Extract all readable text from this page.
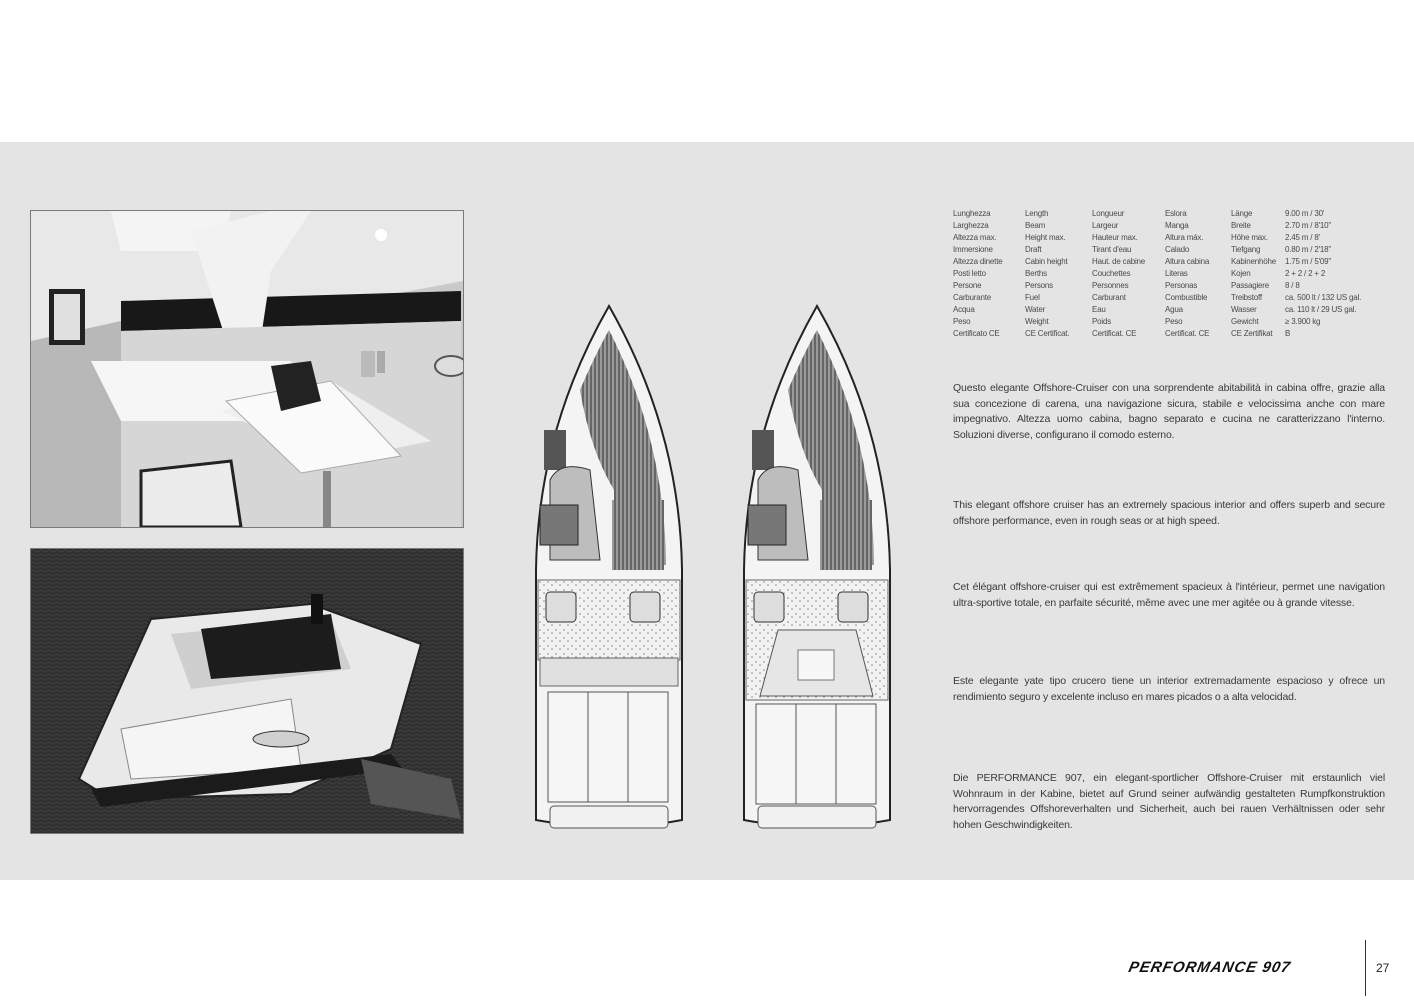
Lunghezza	Length	Longueur	Eslora	Länge	9.00 m / 30'
Larghezza	Beam	Largeur	Manga	Breite	2.70 m / 8'10"
Altezza max.	Height max.	Hauteur max.	Altura máx.	Höhe max.	2.45 m / 8'
Immersione	Draft	Tirant d'eau	Calado	Tiefgang	0.80 m / 2'18"
Altezza dinette	Cabin height	Haut. de cabine	Altura cabina	Kabinenhöhe	1.75 m / 5'09"
Posti letto	Berths	Couchettes	Literas	Kojen	2 + 2 / 2 + 2
Persone	Persons	Personnes	Personas	Passagiere	8 / 8
Carburante	Fuel	Carburant	Combustible	Treibstoff	ca. 500 lt / 132 US gal.
Acqua	Water	Eau	Agua	Wasser	ca. 110 lt / 29 US gal.
Peso	Weight	Poids	Peso	Gewicht	≥ 3.900 kg
Certificato CE	CE Certificat.	Certificat. CE	Certificat. CE	CE Zertifikat	B

Questo elegante Offshore-Cruiser con una sorprendente abitabilità in cabina offre, grazie alla sua concezione di carena, una navigazione sicura, stabile e velocissima anche con mare impegnativo. Altezza uomo cabina, bagno separato e cucina ne caratterizzano l'interno. Soluzioni diverse, configurano il comodo esterno.

This elegant offshore cruiser has an extremely spacious interior and offers superb and secure offshore performance, even in rough seas or at high speed.

Cet élégant offshore-cruiser qui est extrêmement spacieux à l'intérieur, permet une navigation ultra-sportive totale, en parfaite sécurité, même avec une mer agitée ou à grande vitesse.

Este elegante yate tipo crucero tiene un interior extremadamente espacioso y ofrece un rendimiento seguro y excelente incluso en mares picados o a alta velocidad.

Die PERFORMANCE 907, ein elegant-sportlicher Offshore-Cruiser mit erstaunlich viel Wohnraum in der Kabine, bietet auf Grund seiner aufwändig gestalteten Rumpfkonstruktion hervorragendes Offshoreverhalten und Sicherheit, auch bei rauen Verhältnissen oder sehr hohen Geschwindigkeiten.

PERFORMANCE 907	27
